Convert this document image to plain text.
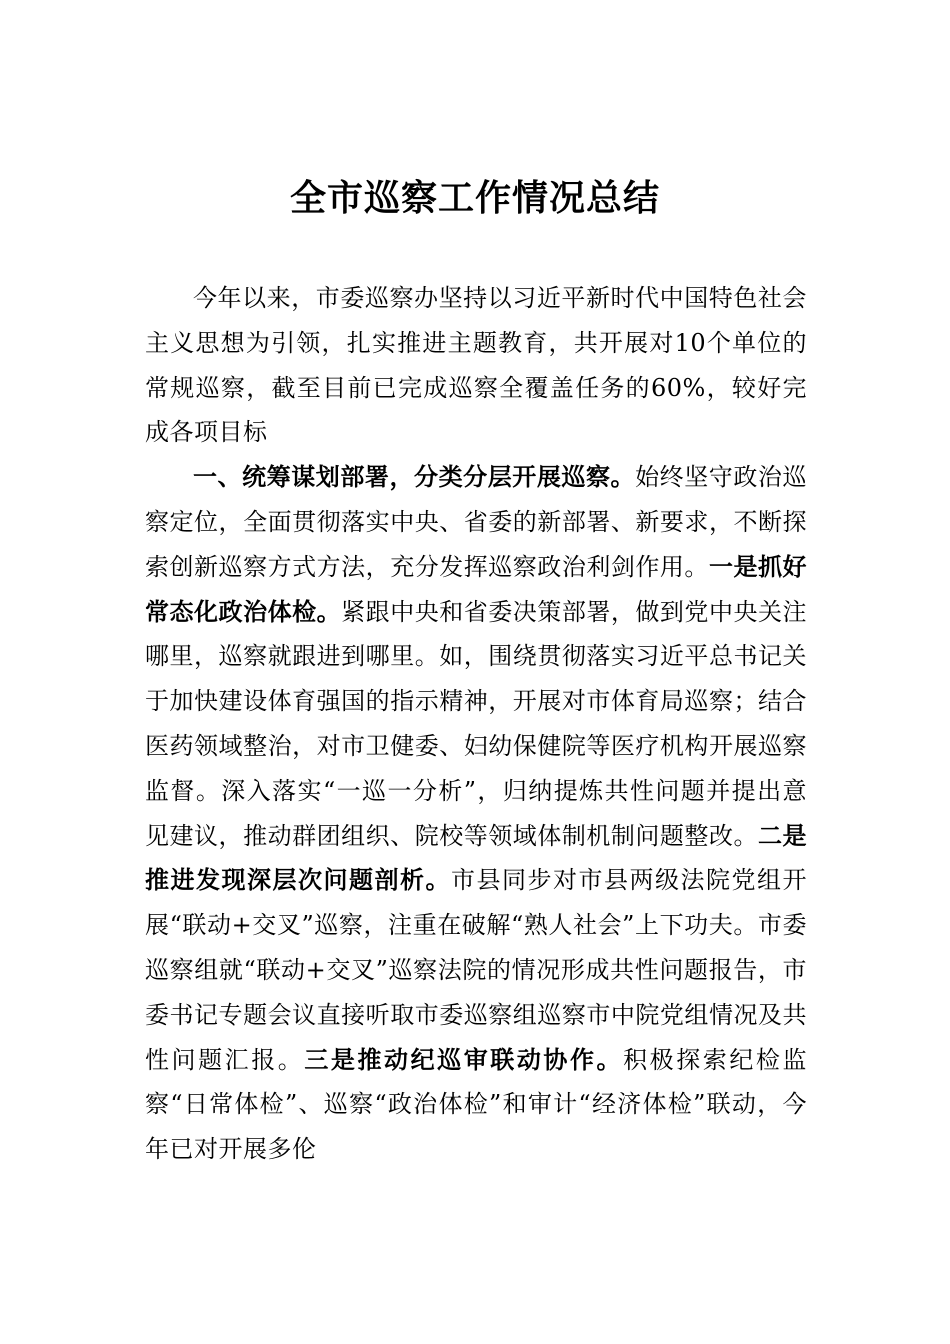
全市巡察工作情况总结

今年以来，市委巡察办坚持以习近平新时代中国特色社会主义思想为引领，扎实推进主题教育，共开展对10个单位的常规巡察，截至目前已完成巡察全覆盖任务的60%，较好完成各项目标

一、统筹谋划部署，分类分层开展巡察。始终坚守政治巡察定位，全面贯彻落实中央、省委的新部署、新要求，不断探索创新巡察方式方法，充分发挥巡察政治利剑作用。一是抓好常态化政治体检。紧跟中央和省委决策部署，做到党中央关注哪里，巡察就跟进到哪里。如，围绕贯彻落实习近平总书记关于加快建设体育强国的指示精神，开展对市体育局巡察；结合医药领域整治，对市卫健委、妇幼保健院等医疗机构开展巡察监督。深入落实“一巡一分析”，归纳提炼共性问题并提出意见建议，推动群团组织、院校等领域体制机制问题整改。二是推进发现深层次问题剖析。市县同步对市县两级法院党组开展“联动+交叉”巡察，注重在破解“熟人社会”上下功夫。市委巡察组就“联动+交叉”巡察法院的情况形成共性问题报告，市委书记专题会议直接听取市委巡察组巡察市中院党组情况及共性问题汇报。三是推动纪巡审联动协作。积极探索纪检监察“日常体检”、巡察“政治体检”和审计“经济体检”联动，今年已对开展多伦
